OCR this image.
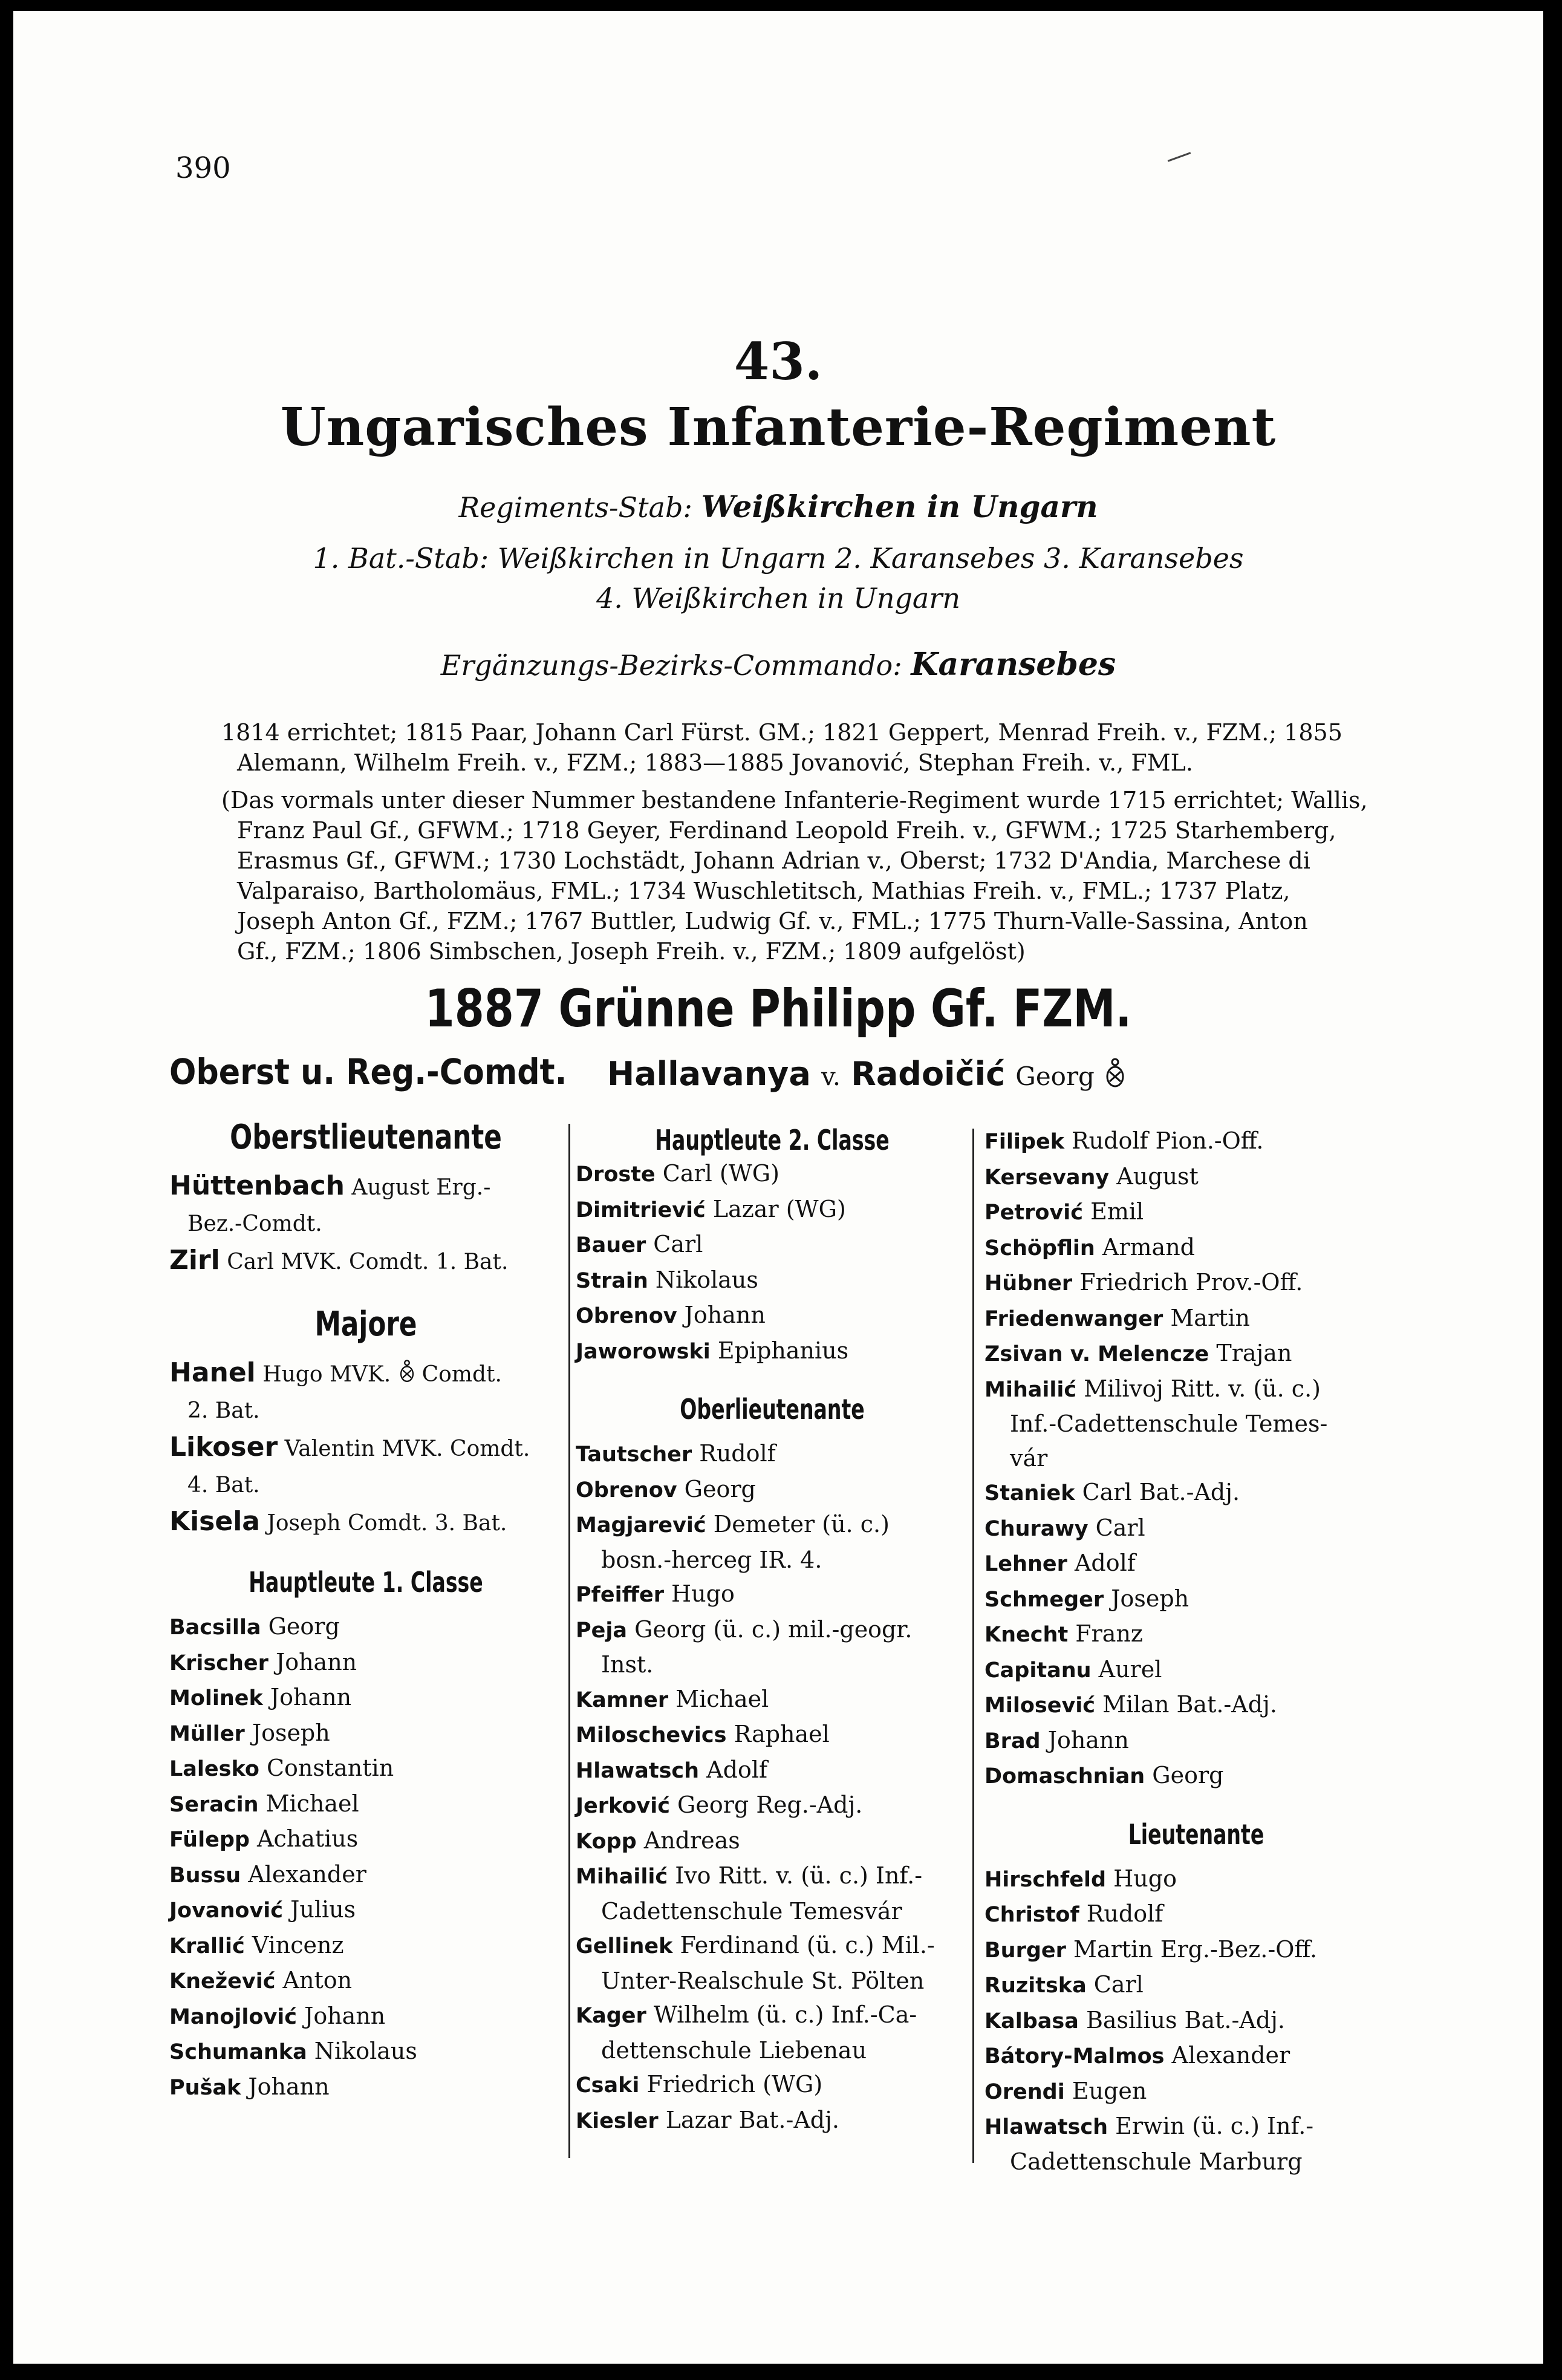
390
43.
Ungarisches Infanterie-Regiment
Regiments-Stab: Weißkirchen in Ungarn
1. Bat.-Stab: Weißkirchen in Ungarn 2. Karansebes 3. Karansebes
4. Weißkirchen in Ungarn
Ergänzungs-Bezirks-Commando: Karansebes

1814 errichtet; 1815 Paar, Johann Carl Fürst. GM.; 1821 Geppert, Menrad Freih. v., FZM.; 1855

Alemann, Wilhelm Freih. v., FZM.; 1883—1885 Jovanović, Stephan Freih. v., FML.

(Das vormals unter dieser Nummer bestandene Infanterie-Regiment wurde 1715 errichtet; Wallis,

Franz Paul Gf., GFWM.; 1718 Geyer, Ferdinand Leopold Freih. v., GFWM.; 1725 Starhemberg,

Erasmus Gf., GFWM.; 1730 Lochstädt, Johann Adrian v., Oberst; 1732 D'Andia, Marchese di

Valparaiso, Bartholomäus, FML.; 1734 Wuschletitsch, Mathias Freih. v., FML.; 1737 Platz,

Joseph Anton Gf., FZM.; 1767 Buttler, Ludwig Gf. v., FML.; 1775 Thurn-Valle-Sassina, Anton

Gf., FZM.; 1806 Simbschen, Joseph Freih. v., FZM.; 1809 aufgelöst)

1887 Grünne Philipp Gf. FZM.
Oberst u. Reg.-Comdt. Hallavanya v. Radoičić Georg
Oberstlieutenante

Hüttenbach August Erg.-

Bez.-Comdt.

Zirl Carl MVK. Comdt. 1. Bat.

Majore

Hanel Hugo MVK.  Comdt.

2. Bat.

Likoser Valentin MVK. Comdt.

4. Bat.

Kisela Joseph Comdt. 3. Bat.

Hauptleute 1. Classe

Bacsilla Georg

Krischer Johann

Molinek Johann

Müller Joseph

Lalesko Constantin

Seracin Michael

Fülepp Achatius

Bussu Alexander

Jovanović Julius

Krallić Vincenz

Knežević Anton

Manojlović Johann

Schumanka Nikolaus

Pušak Johann

Hauptleute 2. Classe

Droste Carl (WG)

Dimitriević Lazar (WG)

Bauer Carl

Strain Nikolaus

Obrenov Johann

Jaworowski Epiphanius

Oberlieutenante

Tautscher Rudolf

Obrenov Georg

Magjarević Demeter (ü. c.)

bosn.-herceg IR. 4.

Pfeiffer Hugo

Peja Georg (ü. c.) mil.-geogr.

Inst.

Kamner Michael

Miloschevics Raphael

Hlawatsch Adolf

Jerković Georg Reg.-Adj.

Kopp Andreas

Mihailić Ivo Ritt. v. (ü. c.) Inf.-

Cadettenschule Temesvár

Gellinek Ferdinand (ü. c.) Mil.-

Unter-Realschule St. Pölten

Kager Wilhelm (ü. c.) Inf.-Ca-

dettenschule Liebenau

Csaki Friedrich (WG)

Kiesler Lazar Bat.-Adj.

Filipek Rudolf Pion.-Off.

Kersevany August

Petrović Emil

Schöpflin Armand

Hübner Friedrich Prov.-Off.

Friedenwanger Martin

Zsivan v. Melencze Trajan

Mihailić Milivoj Ritt. v. (ü. c.)

Inf.-Cadettenschule Temes-

vár

Staniek Carl Bat.-Adj.

Churawy Carl

Lehner Adolf

Schmeger Joseph

Knecht Franz

Capitanu Aurel

Milosević Milan Bat.-Adj.

Brad Johann

Domaschnian Georg

Lieutenante

Hirschfeld Hugo

Christof Rudolf

Burger Martin Erg.-Bez.-Off.

Ruzitska Carl

Kalbasa Basilius Bat.-Adj.

Bátory-Malmos Alexander

Orendi Eugen

Hlawatsch Erwin (ü. c.) Inf.-

Cadettenschule Marburg
